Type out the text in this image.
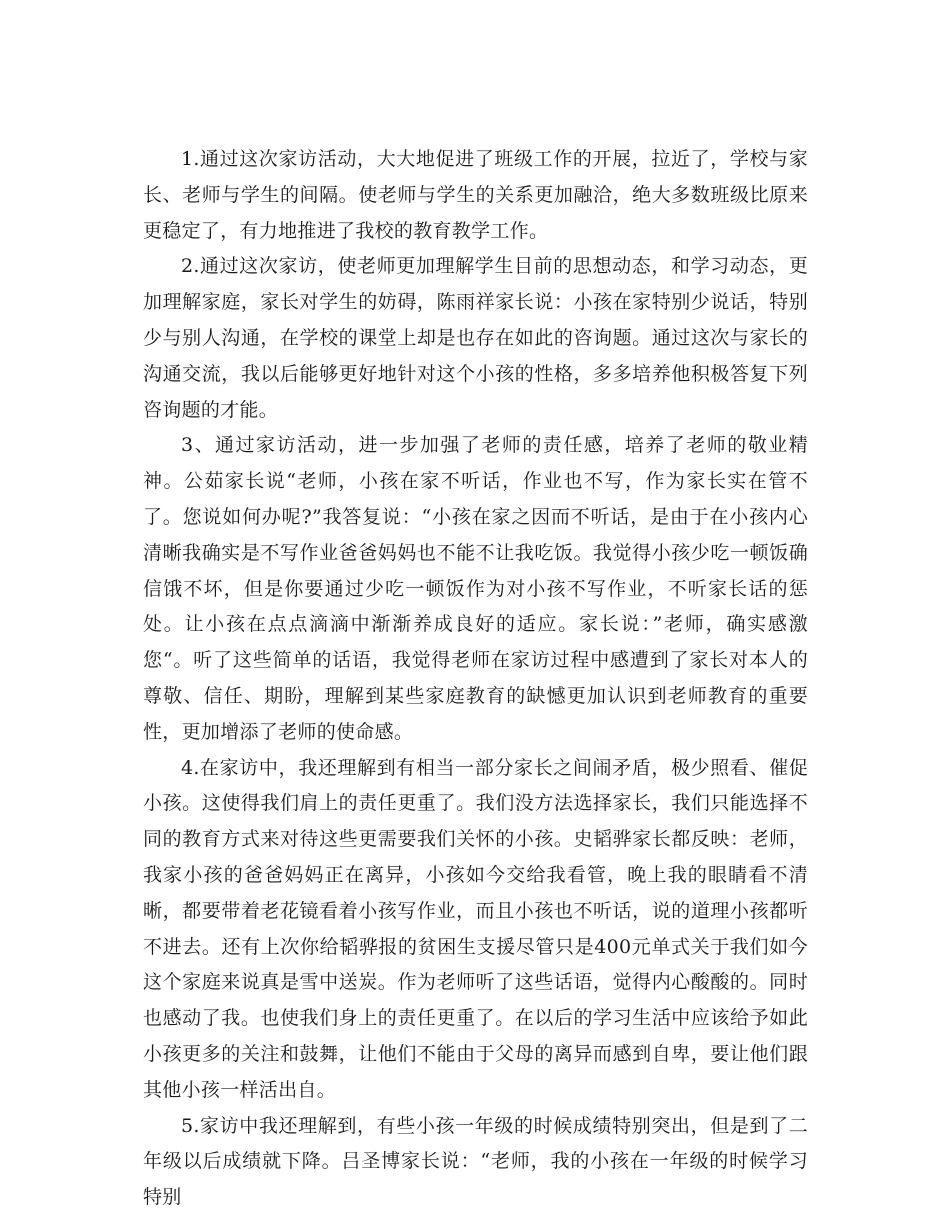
1.通过这次家访活动，大大地促进了班级工作的开展，拉近了，学校与家长、老师与学生的间隔。使老师与学生的关系更加融洽，绝大多数班级比原来更稳定了，有力地推进了我校的教育教学工作。

2.通过这次家访，使老师更加理解学生目前的思想动态，和学习动态，更加理解家庭，家长对学生的妨碍，陈雨祥家长说：小孩在家特别少说话，特别少与别人沟通，在学校的课堂上却是也存在如此的咨询题。通过这次与家长的沟通交流，我以后能够更好地针对这个小孩的性格，多多培养他积极答复下列咨询题的才能。

3、通过家访活动，进一步加强了老师的责任感，培养了老师的敬业精神。公茹家长说“老师，小孩在家不听话，作业也不写，作为家长实在管不了。您说如何办呢?”我答复说：“小孩在家之因而不听话，是由于在小孩内心清晰我确实是不写作业爸爸妈妈也不能不让我吃饭。我觉得小孩少吃一顿饭确信饿不坏，但是你要通过少吃一顿饭作为对小孩不写作业，不听家长话的惩处。让小孩在点点滴滴中渐渐养成良好的适应。家长说：”老师，确实感激您“。听了这些简单的话语，我觉得老师在家访过程中感遭到了家长对本人的尊敬、信任、期盼，理解到某些家庭教育的缺憾更加认识到老师教育的重要性，更加增添了老师的使命感。

4.在家访中，我还理解到有相当一部分家长之间闹矛盾，极少照看、催促小孩。这使得我们肩上的责任更重了。我们没方法选择家长，我们只能选择不同的教育方式来对待这些更需要我们关怀的小孩。史韬骅家长都反映：老师，我家小孩的爸爸妈妈正在离异，小孩如今交给我看管，晚上我的眼睛看不清晰，都要带着老花镜看着小孩写作业，而且小孩也不听话，说的道理小孩都听不进去。还有上次你给韬骅报的贫困生支援尽管只是400元单式关于我们如今这个家庭来说真是雪中送炭。作为老师听了这些话语，觉得内心酸酸的。同时也感动了我。也使我们身上的责任更重了。在以后的学习生活中应该给予如此小孩更多的关注和鼓舞，让他们不能由于父母的离异而感到自卑，要让他们跟其他小孩一样活出自。

5.家访中我还理解到，有些小孩一年级的时候成绩特别突出，但是到了二年级以后成绩就下降。吕圣博家长说：“老师，我的小孩在一年级的时候学习特别
